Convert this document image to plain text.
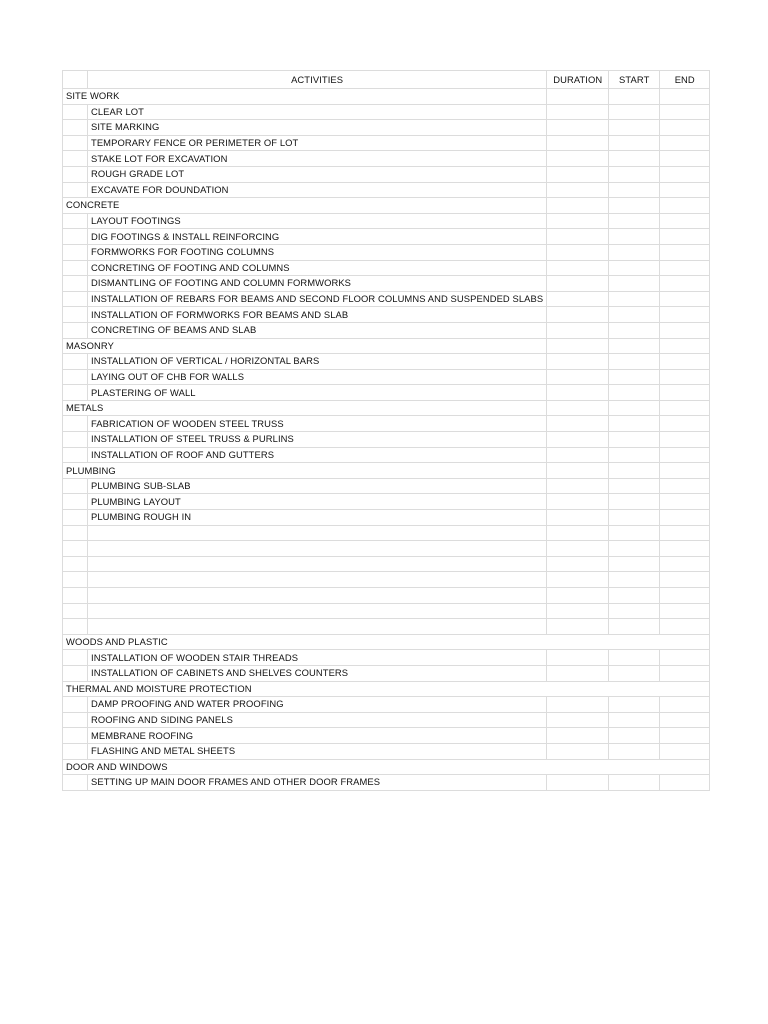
	ACTIVITIES	DURATION	START	END
SITE WORK				
	CLEAR LOT			
	SITE MARKING			
	TEMPORARY FENCE OR PERIMETER OF LOT			
	STAKE LOT FOR EXCAVATION			
	ROUGH GRADE LOT			
	EXCAVATE FOR DOUNDATION			
CONCRETE				
	LAYOUT FOOTINGS			
	DIG FOOTINGS & INSTALL REINFORCING			
	FORMWORKS FOR FOOTING COLUMNS			
	CONCRETING OF FOOTING AND COLUMNS			
	DISMANTLING OF FOOTING AND COLUMN FORMWORKS			
	INSTALLATION OF REBARS FOR BEAMS AND SECOND FLOOR COLUMNS AND SUSPENDED SLABS			
	INSTALLATION OF FORMWORKS FOR BEAMS AND SLAB			
	CONCRETING OF BEAMS AND SLAB			
MASONRY				
	INSTALLATION OF VERTICAL / HORIZONTAL BARS			
	LAYING OUT OF CHB FOR WALLS			
	PLASTERING OF WALL			
METALS				
	FABRICATION OF WOODEN STEEL TRUSS			
	INSTALLATION OF STEEL TRUSS & PURLINS			
	INSTALLATION OF ROOF AND GUTTERS			
PLUMBING				
	PLUMBING SUB-SLAB			
	PLUMBING LAYOUT			
	PLUMBING ROUGH IN			

WOODS AND PLASTIC				
	INSTALLATION OF WOODEN STAIR THREADS			
	INSTALLATION OF CABINETS AND SHELVES COUNTERS			
THERMAL AND MOISTURE PROTECTION				
	DAMP PROOFING AND WATER PROOFING			
	ROOFING AND SIDING PANELS			
	MEMBRANE ROOFING			
	FLASHING AND METAL SHEETS			
DOOR AND WINDOWS				
	SETTING UP MAIN DOOR FRAMES AND OTHER DOOR FRAMES			
